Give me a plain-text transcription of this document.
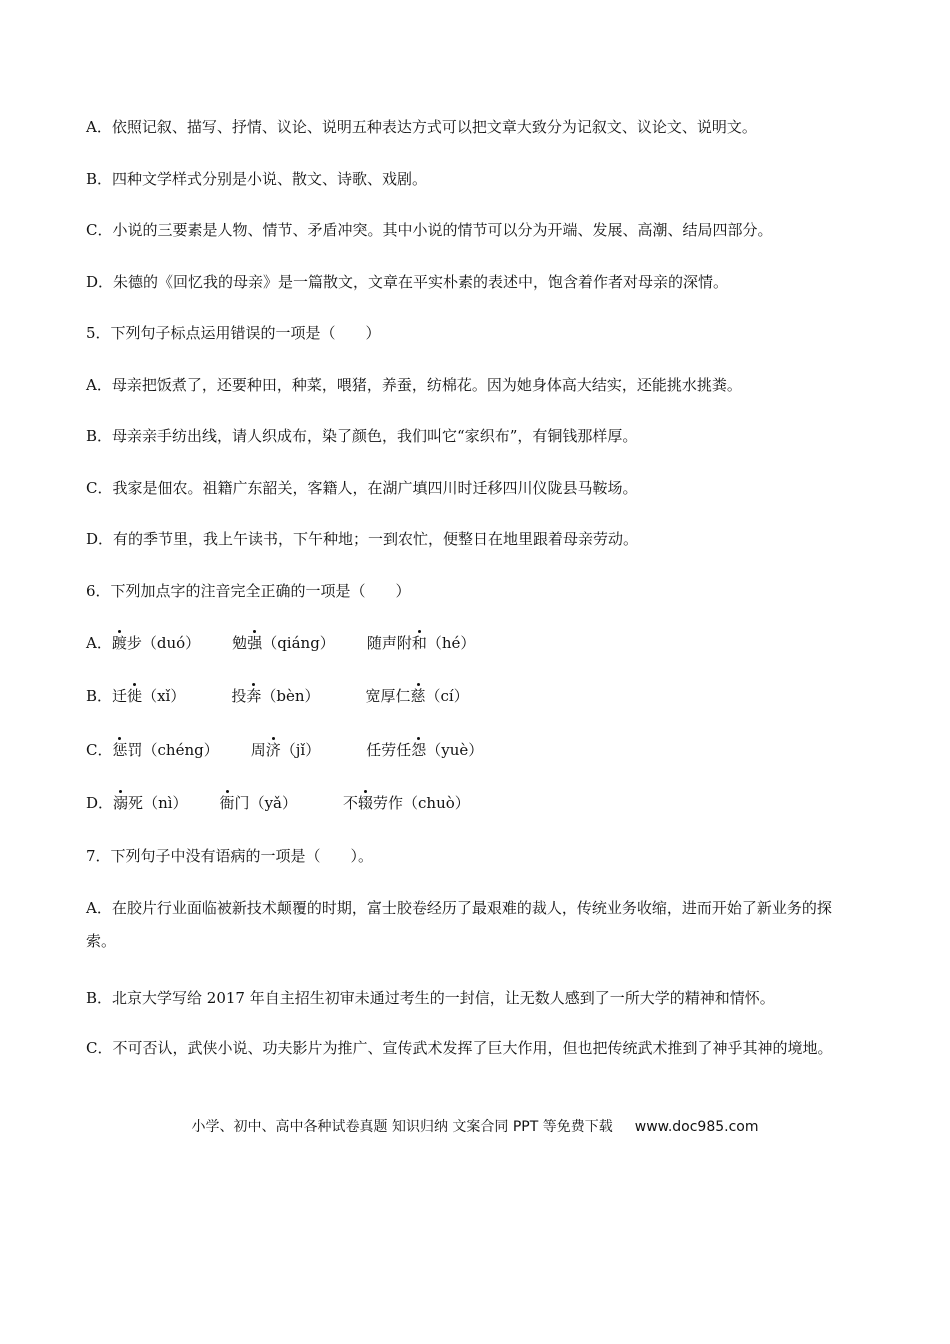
A．依照记叙、描写、抒情、议论、说明五种表达方式可以把文章大致分为记叙文、议论文、说明文。
B．四种文学样式分别是小说、散文、诗歌、戏剧。
C．小说的三要素是人物、情节、矛盾冲突。其中小说的情节可以分为开端、发展、高潮、结局四部分。
D．朱德的《回忆我的母亲》是一篇散文，文章在平实朴素的表述中，饱含着作者对母亲的深情。
5．下列句子标点运用错误的一项是（　　）
A．母亲把饭煮了，还要种田，种菜，喂猪，养蚕，纺棉花。因为她身体高大结实，还能挑水挑粪。
B．母亲亲手纺出线，请人织成布，染了颜色，我们叫它“家织布”，有铜钱那样厚。
C．我家是佃农。祖籍广东韶关，客籍人，在湖广填四川时迁移四川仪陇县马鞍场。
D．有的季节里，我上午读书，下午种地；一到农忙，便整日在地里跟着母亲劳动。
6．下列加点字的注音完全正确的一项是（　　）
A．踱步（duó） 勉强（qiáng） 随声附和（hé）
B．迁徙（xǐ）	投奔（bèn）	宽厚仁慈（cí）
C．惩罚（chéng） 周济（jǐ）	任劳任怨（yuè）
D．溺死（nì） 衙门（yǎ）	不辍劳作（chuò）
7．下列句子中没有语病的一项是（　　）。
A．在胶片行业面临被新技术颠覆的时期，富士胶卷经历了最艰难的裁人，传统业务收缩，进而开始了新业务的探索。
B．北京大学写给 2017 年自主招生初审未通过考生的一封信，让无数人感到了一所大学的精神和情怀。
C．不可否认，武侠小说、功夫影片为推广、宣传武术发挥了巨大作用，但也把传统武术推到了神乎其神的境地。
小学、初中、高中各种试卷真题 知识归纳 文案合同 PPT 等免费下载 www.doc985.com
